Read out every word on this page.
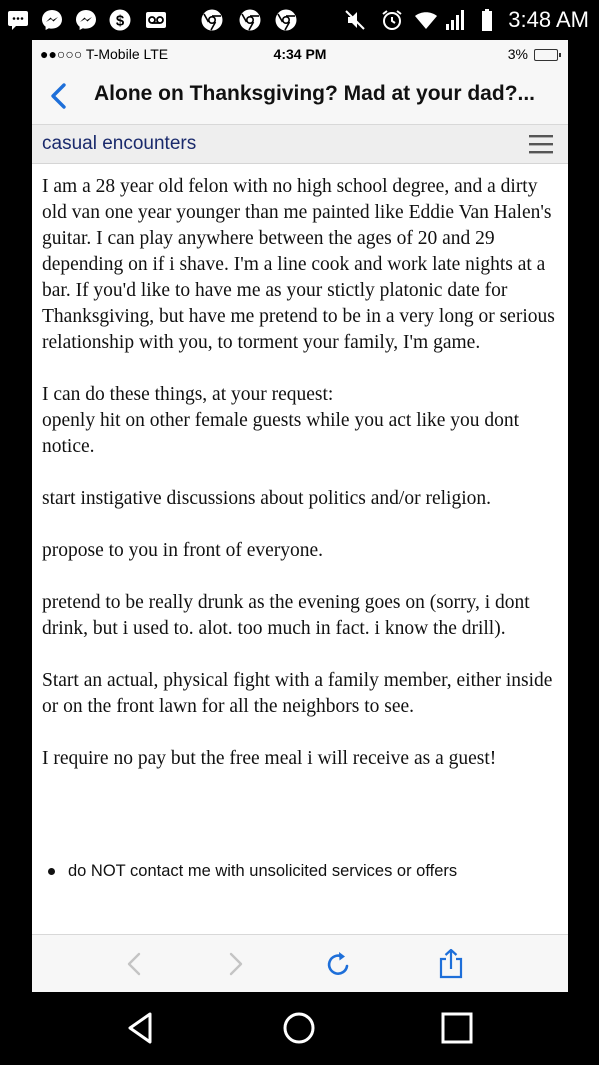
$	3:48 AM
●●○○○ T-Mobile LTE	4:34 PM	3%
Alone on Thanksgiving? Mad at your dad?...
casual encounters

I am a 28 year old felon with no high school degree, and a dirty old van one year younger than me painted like Eddie Van Halen's guitar. I can play anywhere between the ages of 20 and 29 depending on if i shave. I'm a line cook and work late nights at a bar. If you'd like to have me as your stictly platonic date for Thanksgiving, but have me pretend to be in a very long or serious relationship with you, to torment your family, I'm game.

I can do these things, at your request:

openly hit on other female guests while you act like you dont notice.

start instigative discussions about politics and/or religion.

propose to you in front of everyone.

pretend to be really drunk as the evening goes on (sorry, i dont drink, but i used to. alot. too much in fact. i know the drill).

Start an actual, physical fight with a family member, either inside or on the front lawn for all the neighbors to see.

I require no pay but the free meal i will receive as a guest!

do NOT contact me with unsolicited services or offers
